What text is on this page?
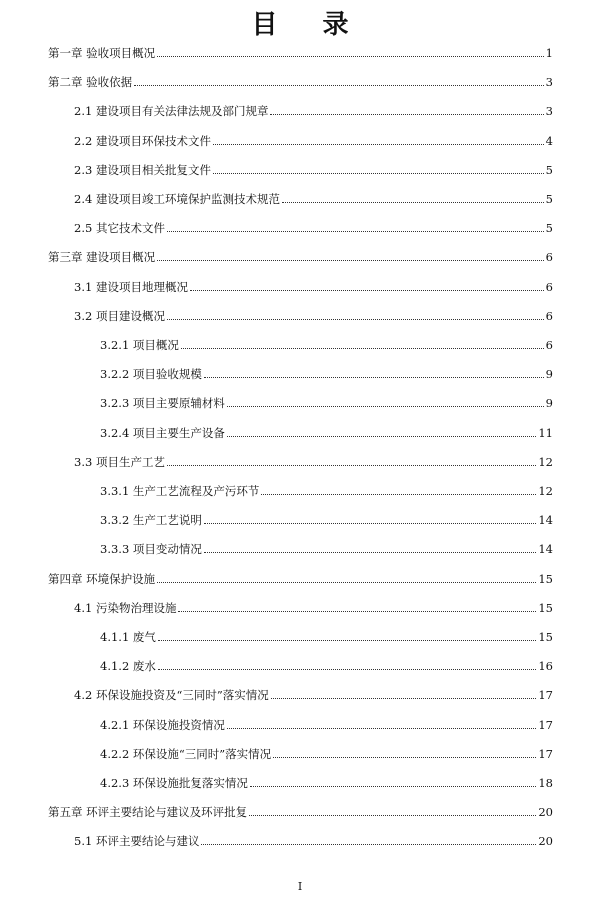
目 录
第一章 验收项目概况	1
第二章 验收依据	3
2.1 建设项目有关法律法规及部门规章	3
2.2 建设项目环保技术文件	4
2.3 建设项目相关批复文件	5
2.4 建设项目竣工环境保护监测技术规范	5
2.5 其它技术文件	5
第三章 建设项目概况	6
3.1 建设项目地理概况	6
3.2 项目建设概况	6
3.2.1 项目概况	6
3.2.2 项目验收规模	9
3.2.3 项目主要原辅材料	9
3.2.4 项目主要生产设备	11
3.3 项目生产工艺	12
3.3.1 生产工艺流程及产污环节	12
3.3.2 生产工艺说明	14
3.3.3 项目变动情况	14
第四章 环境保护设施	15
4.1 污染物治理设施	15
4.1.1 废气	15
4.1.2 废水	16
4.2 环保设施投资及“三同时”落实情况	17
4.2.1 环保设施投资情况	17
4.2.2 环保设施“三同时”落实情况	17
4.2.3 环保设施批复落实情况	18
第五章 环评主要结论与建议及环评批复	20
5.1 环评主要结论与建议	20
I
